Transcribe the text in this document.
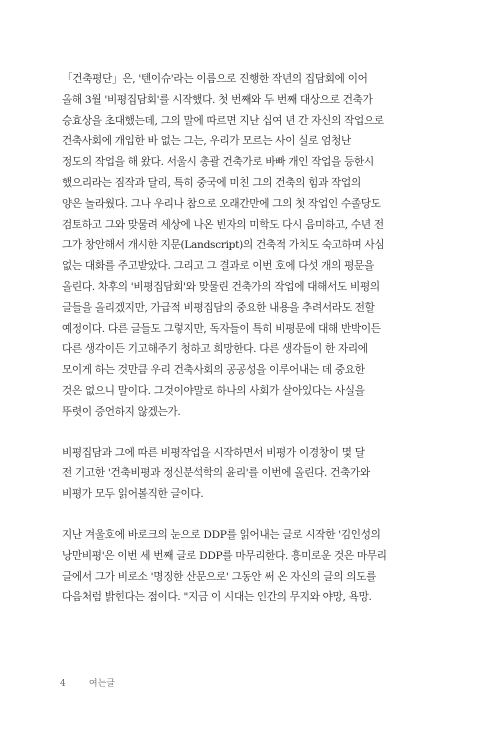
「건축평단」은, '텐이슈'라는 이름으로 진행한 작년의 집담회에 이어
올해 3월 '비평집담회'를 시작했다. 첫 번째와 두 번째 대상으로 건축가
승효상을 초대했는데, 그의 말에 따르면 지난 십여 년 간 자신의 작업으로
건축사회에 개입한 바 없는 그는, 우리가 모르는 사이 실로 엄청난
정도의 작업을 해 왔다. 서울시 총괄 건축가로 바빠 개인 작업을 등한시
했으리라는 짐작과 달리, 특히 중국에 미친 그의 건축의 힘과 작업의
양은 놀라웠다. 그나 우리나 참으로 오래간만에 그의 첫 작업인 수졸당도
검토하고 그와 맞물려 세상에 나온 빈자의 미학도 다시 음미하고, 수년 전
그가 창안해서 개시한 지문(Landscript)의 건축적 가치도 숙고하며 사심
없는 대화를 주고받았다. 그리고 그 결과로 이번 호에 다섯 개의 평문을
올린다. 차후의 '비평집담회'와 맞물린 건축가의 작업에 대해서도 비평의
글들을 올리겠지만, 가급적 비평집담의 중요한 내용을 추려서라도 전할
예정이다. 다른 글들도 그렇지만, 독자들이 특히 비평문에 대해 반박이든
다른 생각이든 기고해주기 청하고 희망한다. 다른 생각들이 한 자리에
모이게 하는 것만큼 우리 건축사회의 공공성을 이루어내는 데 중요한
것은 없으니 말이다. 그것이야말로 하나의 사회가 살아있다는 사실을
뚜렷이 증언하지 않겠는가.

비평집담과 그에 따른 비평작업을 시작하면서 비평가 이경창이 몇 달
전 기고한 '건축비평과 정신분석학의 윤리'를 이번에 올린다. 건축가와
비평가 모두 읽어볼직한 글이다.

지난 겨울호에 바로크의 눈으로 DDP를 읽어내는 글로 시작한 '김인성의
낭만비평'은 이번 세 번째 글로 DDP를 마무리한다. 흥미로운 것은 마무리
글에서 그가 비로소 '명징한 산문으로' 그동안 써 온 자신의 글의 의도를
다음처럼 밝힌다는 점이다. "지금 이 시대는 인간의 무지와 야망, 욕망.

4	여는글
